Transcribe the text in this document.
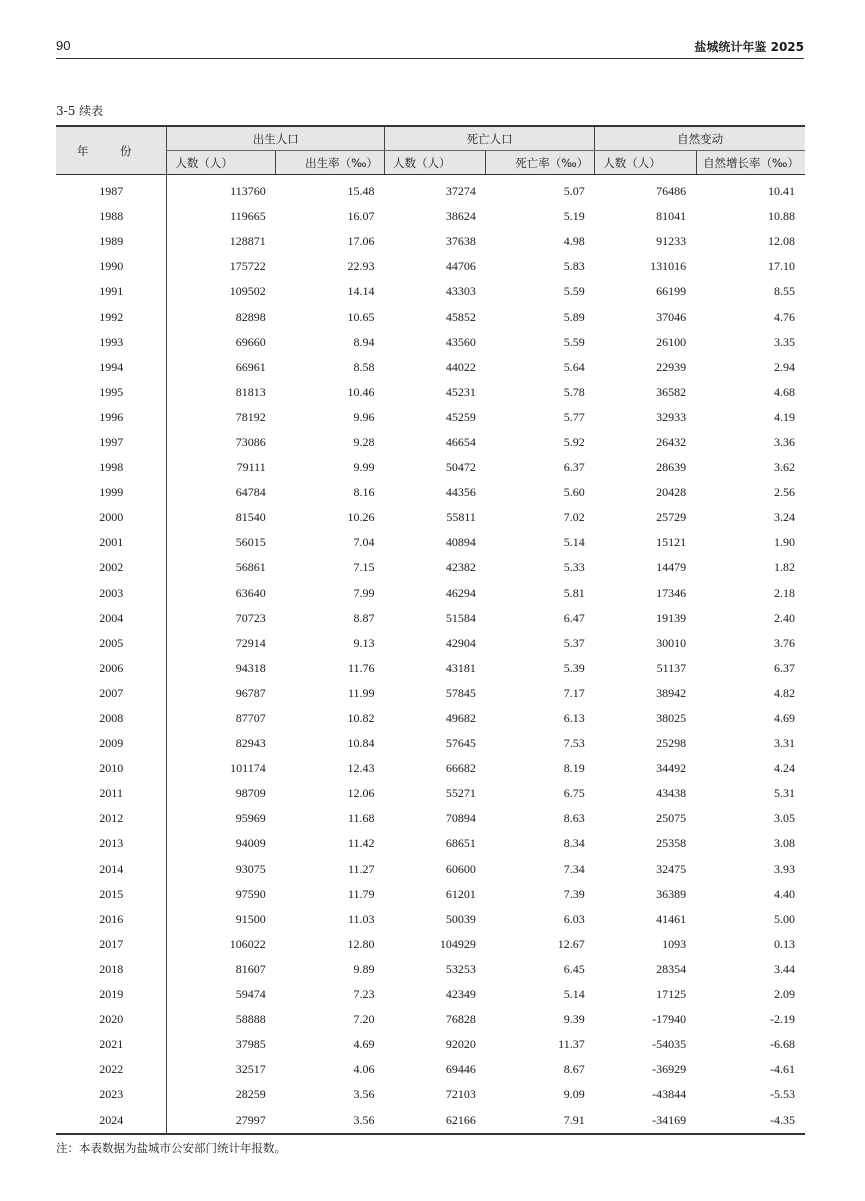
90	盐城统计年鉴 2025
3-5 续表
年 份	出生人口		死亡人口		自然变动	
	人数（人）	出生率（‰）	人数（人）	死亡率（‰）	人数（人）	自然增长率（‰）
1987	113760	15.48	37274	5.07	76486	10.41
1988	119665	16.07	38624	5.19	81041	10.88
1989	128871	17.06	37638	4.98	91233	12.08
1990	175722	22.93	44706	5.83	131016	17.10
1991	109502	14.14	43303	5.59	66199	8.55
1992	82898	10.65	45852	5.89	37046	4.76
1993	69660	8.94	43560	5.59	26100	3.35
1994	66961	8.58	44022	5.64	22939	2.94
1995	81813	10.46	45231	5.78	36582	4.68
1996	78192	9.96	45259	5.77	32933	4.19
1997	73086	9.28	46654	5.92	26432	3.36
1998	79111	9.99	50472	6.37	28639	3.62
1999	64784	8.16	44356	5.60	20428	2.56
2000	81540	10.26	55811	7.02	25729	3.24
2001	56015	7.04	40894	5.14	15121	1.90
2002	56861	7.15	42382	5.33	14479	1.82
2003	63640	7.99	46294	5.81	17346	2.18
2004	70723	8.87	51584	6.47	19139	2.40
2005	72914	9.13	42904	5.37	30010	3.76
2006	94318	11.76	43181	5.39	51137	6.37
2007	96787	11.99	57845	7.17	38942	4.82
2008	87707	10.82	49682	6.13	38025	4.69
2009	82943	10.84	57645	7.53	25298	3.31
2010	101174	12.43	66682	8.19	34492	4.24
2011	98709	12.06	55271	6.75	43438	5.31
2012	95969	11.68	70894	8.63	25075	3.05
2013	94009	11.42	68651	8.34	25358	3.08
2014	93075	11.27	60600	7.34	32475	3.93
2015	97590	11.79	61201	7.39	36389	4.40
2016	91500	11.03	50039	6.03	41461	5.00
2017	106022	12.80	104929	12.67	1093	0.13
2018	81607	9.89	53253	6.45	28354	3.44
2019	59474	7.23	42349	5.14	17125	2.09
2020	58888	7.20	76828	9.39	-17940	-2.19
2021	37985	4.69	92020	11.37	-54035	-6.68
2022	32517	4.06	69446	8.67	-36929	-4.61
2023	28259	3.56	72103	9.09	-43844	-5.53
2024	27997	3.56	62166	7.91	-34169	-4.35
注：本表数据为盐城市公安部门统计年报数。
